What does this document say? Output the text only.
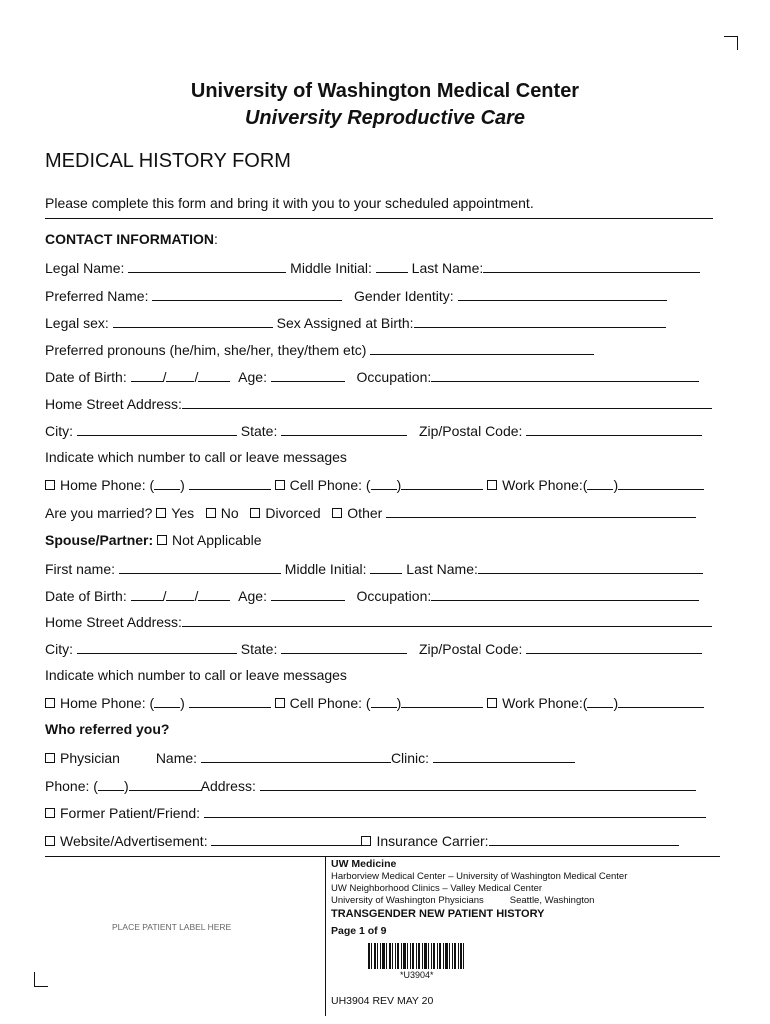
University of Washington Medical Center
University Reproductive Care
MEDICAL HISTORY FORM
Please complete this form and bring it with you to your scheduled appointment.
CONTACT INFORMATION:
Legal Name:	Middle Initial:	Last Name:
Preferred Name:	Gender Identity:
Legal sex:	Sex Assigned at Birth:
Preferred pronouns (he/him, she/her, they/them etc)
Date of Birth:	/ /	Age:	Occupation:
Home Street Address:
City:	State:	Zip/Postal Code:
Indicate which number to call or leave messages
Home Phone: ( )	Cell Phone: ( )	Work Phone:( )
Are you married? Yes No Divorced Other
Spouse/Partner: Not Applicable
First name:	Middle Initial:	Last Name:
Date of Birth:	/ /	Age:	Occupation:
Home Street Address:
City:	State:	Zip/Postal Code:
Indicate which number to call or leave messages
Home Phone: ( )	Cell Phone: ( )	Work Phone:( )
Who referred you?
Physician	Name:	Clinic:
Phone: ( )	Address:
Former Patient/Friend:
Website/Advertisement:	Insurance Carrier:
PLACE PATIENT LABEL HERE
UW Medicine
Harborview Medical Center – University of Washington Medical Center
UW Neighborhood Clinics – Valley Medical Center
University of Washington Physicians	Seattle, Washington
TRANSGENDER NEW PATIENT HISTORY
Page 1 of 9
*U3904*
UH3904 REV MAY 20
